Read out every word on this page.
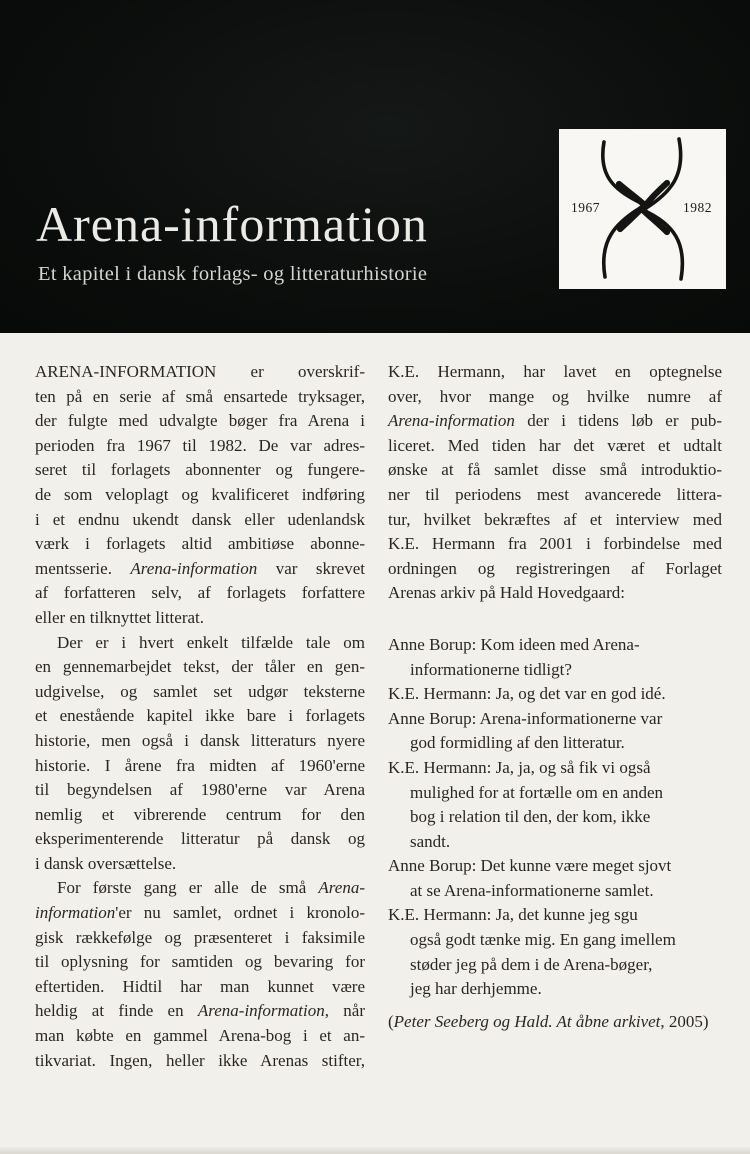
Arena-information
Et kapitel i dansk forlags- og litteraturhistorie
1967	1982
ARENA-INFORMATION er overskrif-
ten på en serie af små ensartede tryksager,
der fulgte med udvalgte bøger fra Arena i
perioden fra 1967 til 1982. De var adres-
seret til forlagets abonnenter og fungere-
de som veloplagt og kvalificeret indføring
i et endnu ukendt dansk eller udenlandsk
værk i forlagets altid ambitiøse abonne-
mentsserie. Arena-information var skrevet
af forfatteren selv, af forlagets forfattere
eller en tilknyttet litterat.
Der er i hvert enkelt tilfælde tale om
en gennemarbejdet tekst, der tåler en gen-
udgivelse, og samlet set udgør teksterne
et enestående kapitel ikke bare i forlagets
historie, men også i dansk litteraturs nyere
historie. I årene fra midten af 1960'erne
til begyndelsen af 1980'erne var Arena
nemlig et vibrerende centrum for den
eksperimenterende litteratur på dansk og
i dansk oversættelse.
For første gang er alle de små Arena-
information'er nu samlet, ordnet i kronolo-
gisk rækkefølge og præsenteret i faksimile
til oplysning for samtiden og bevaring for
eftertiden. Hidtil har man kunnet være
heldig at finde en Arena-information, når
man købte en gammel Arena-bog i et an-
tikvariat. Ingen, heller ikke Arenas stifter,
K.E. Hermann, har lavet en optegnelse
over, hvor mange og hvilke numre af
Arena-information der i tidens løb er pub-
liceret. Med tiden har det været et udtalt
ønske at få samlet disse små introduktio-
ner til periodens mest avancerede littera-
tur, hvilket bekræftes af et interview med
K.E. Hermann fra 2001 i forbindelse med
ordningen og registreringen af Forlaget
Arenas arkiv på Hald Hovedgaard:
Anne Borup: Kom ideen med Arena-
informationerne tidligt?
K.E. Hermann: Ja, og det var en god idé.
Anne Borup: Arena-informationerne var
god formidling af den litteratur.
K.E. Hermann: Ja, ja, og så fik vi også
mulighed for at fortælle om en anden
bog i relation til den, der kom, ikke
sandt.
Anne Borup: Det kunne være meget sjovt
at se Arena-informationerne samlet.
K.E. Hermann: Ja, det kunne jeg sgu
også godt tænke mig. En gang imellem
støder jeg på dem i de Arena-bøger,
jeg har derhjemme.
(Peter Seeberg og Hald. At åbne arkivet, 2005)
